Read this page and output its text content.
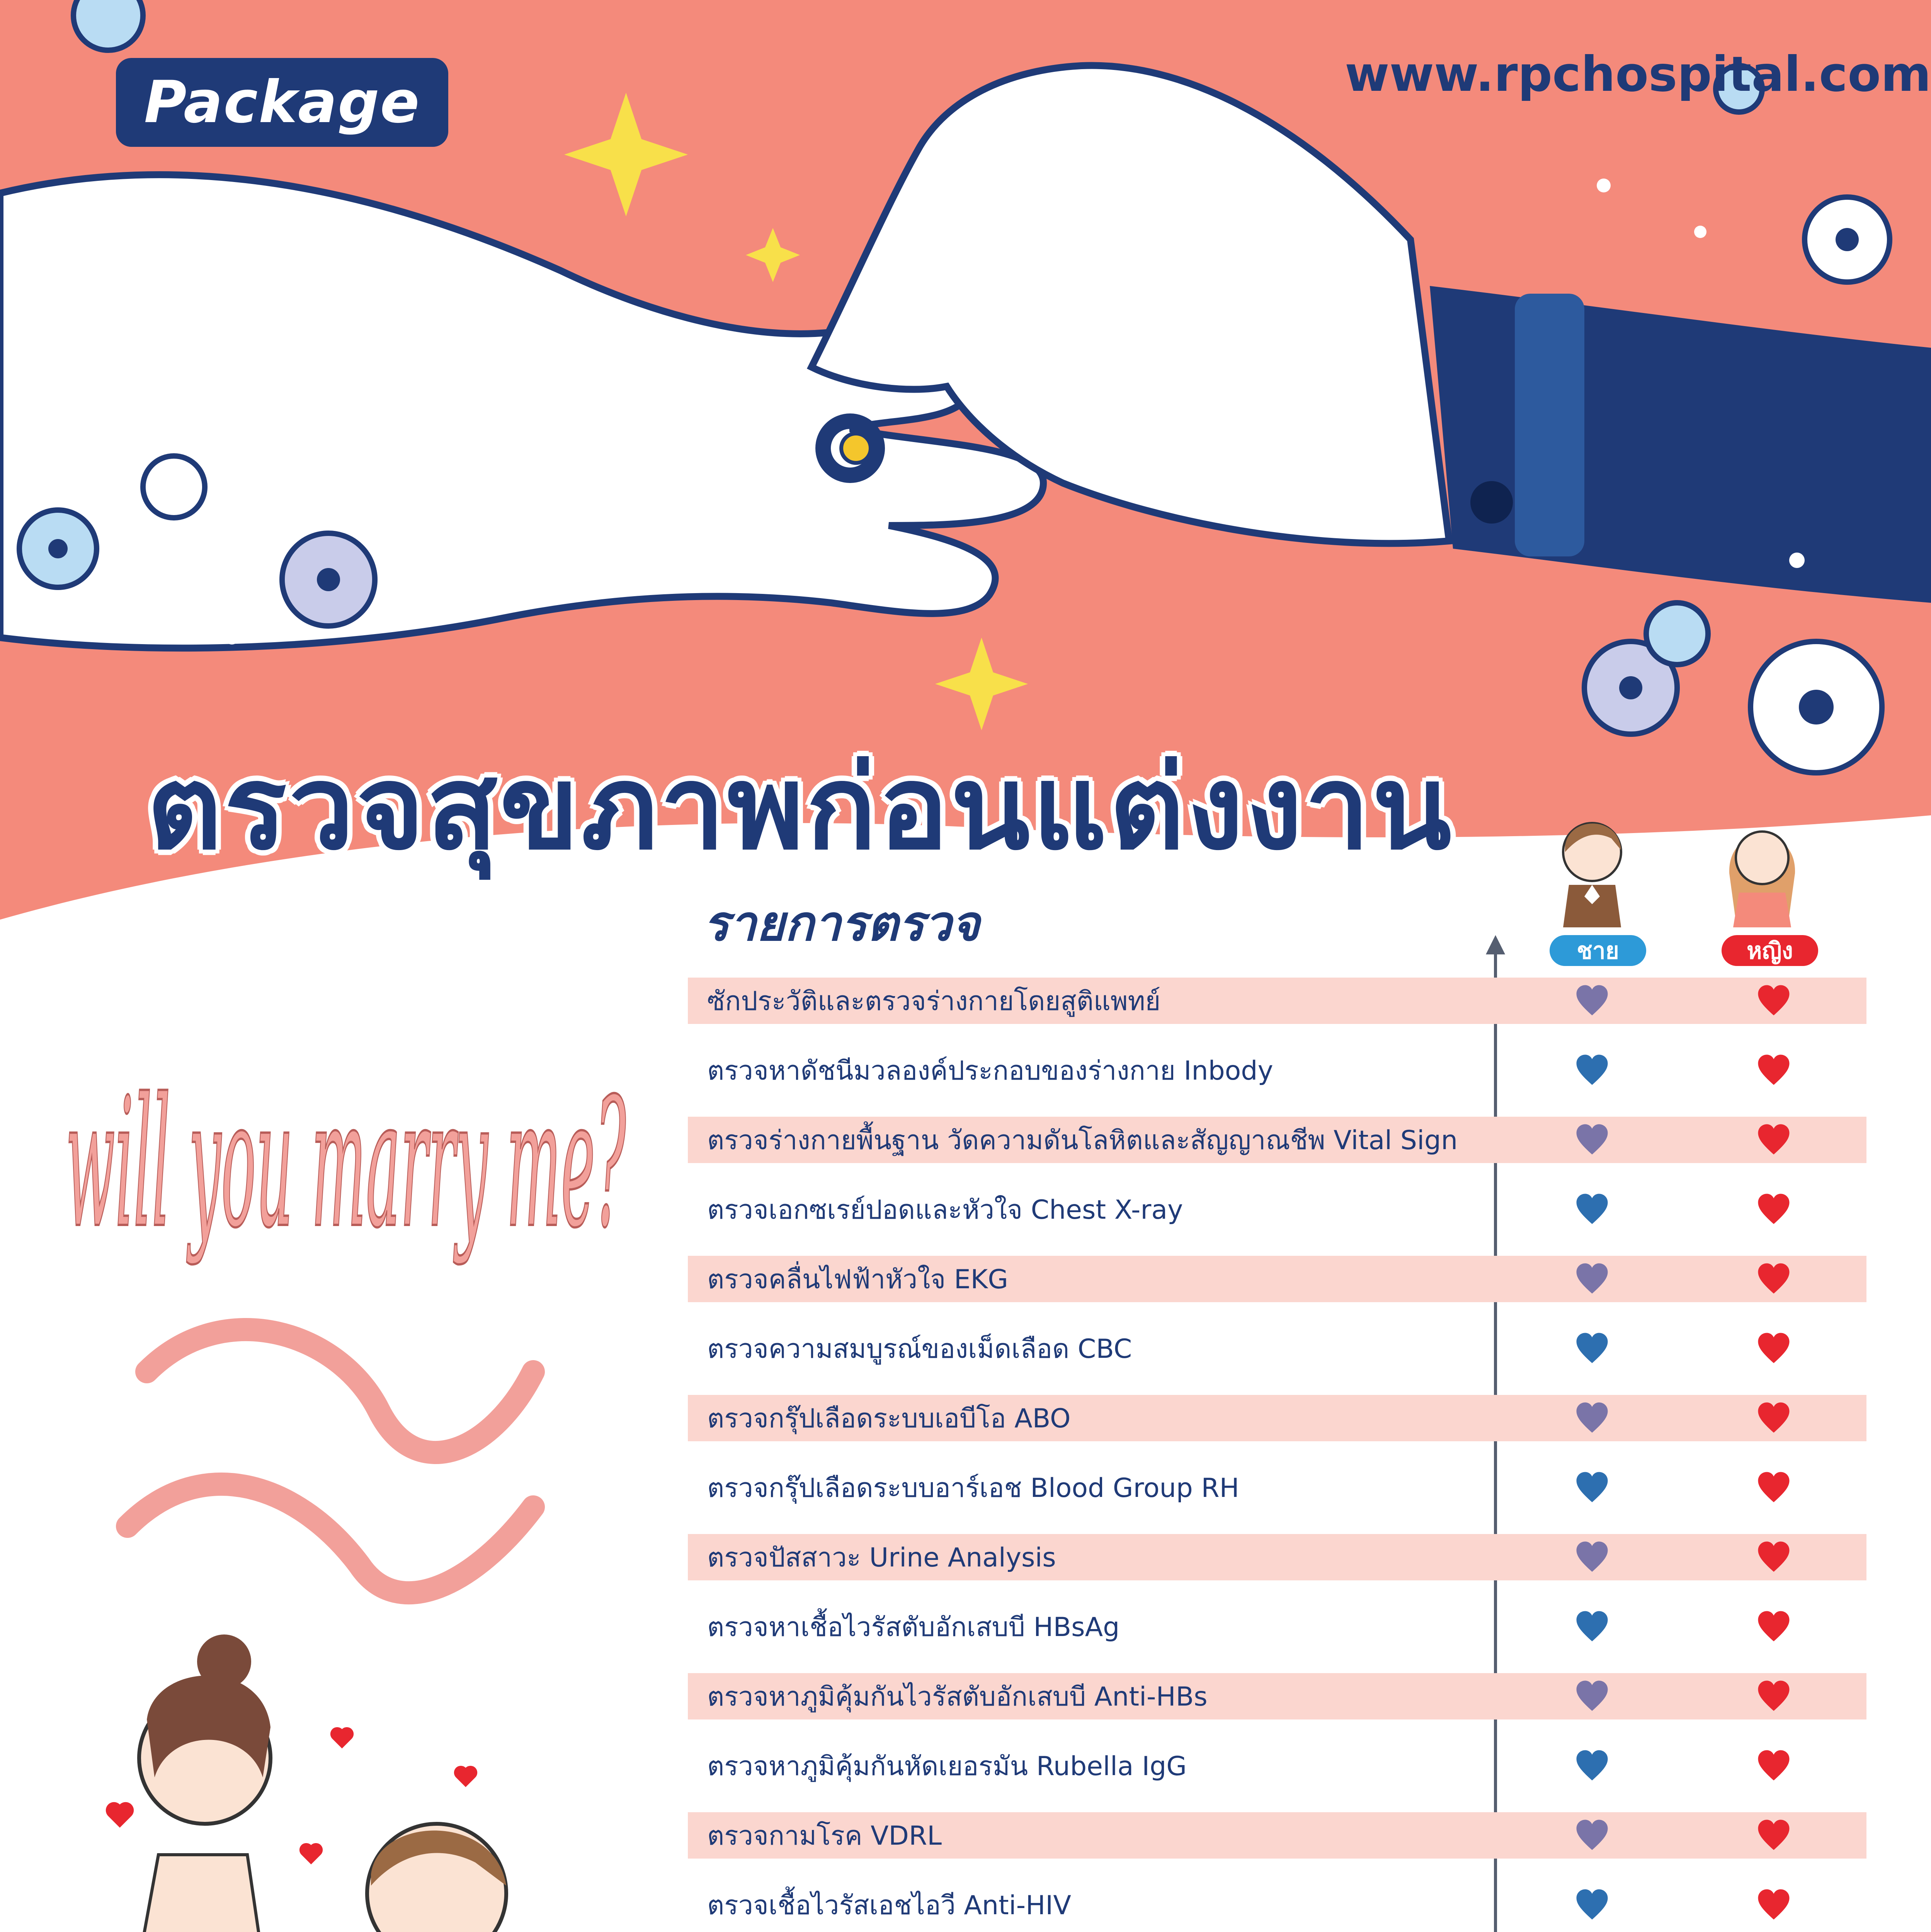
Package	www.rpchospital.com
ตรวจสุขภาพก่อนแต่งงาน
will you marry me?
รายการตรวจ	ชาย	หญิง
ซักประวัติและตรวจร่างกายโดยสูติแพทย์
ตรวจหาดัชนีมวลองค์ประกอบของร่างกาย Inbody
ตรวจร่างกายพื้นฐาน วัดความดันโลหิตและสัญญาณชีพ Vital Sign
ตรวจเอกซเรย์ปอดและหัวใจ Chest X-ray
ตรวจคลื่นไฟฟ้าหัวใจ EKG
ตรวจความสมบูรณ์ของเม็ดเลือด CBC
ตรวจกรุ๊ปเลือดระบบเอบีโอ ABO
ตรวจกรุ๊ปเลือดระบบอาร์เอช Blood Group RH
ตรวจปัสสาวะ Urine Analysis
ตรวจหาเชื้อไวรัสตับอักเสบบี HBsAg
ตรวจหาภูมิคุ้มกันไวรัสตับอักเสบบี Anti-HBs
ตรวจหาภูมิคุ้มกันหัดเยอรมัน Rubella IgG
ตรวจกามโรค VDRL
ตรวจเชื้อไวรัสเอชไอวี Anti-HIV
